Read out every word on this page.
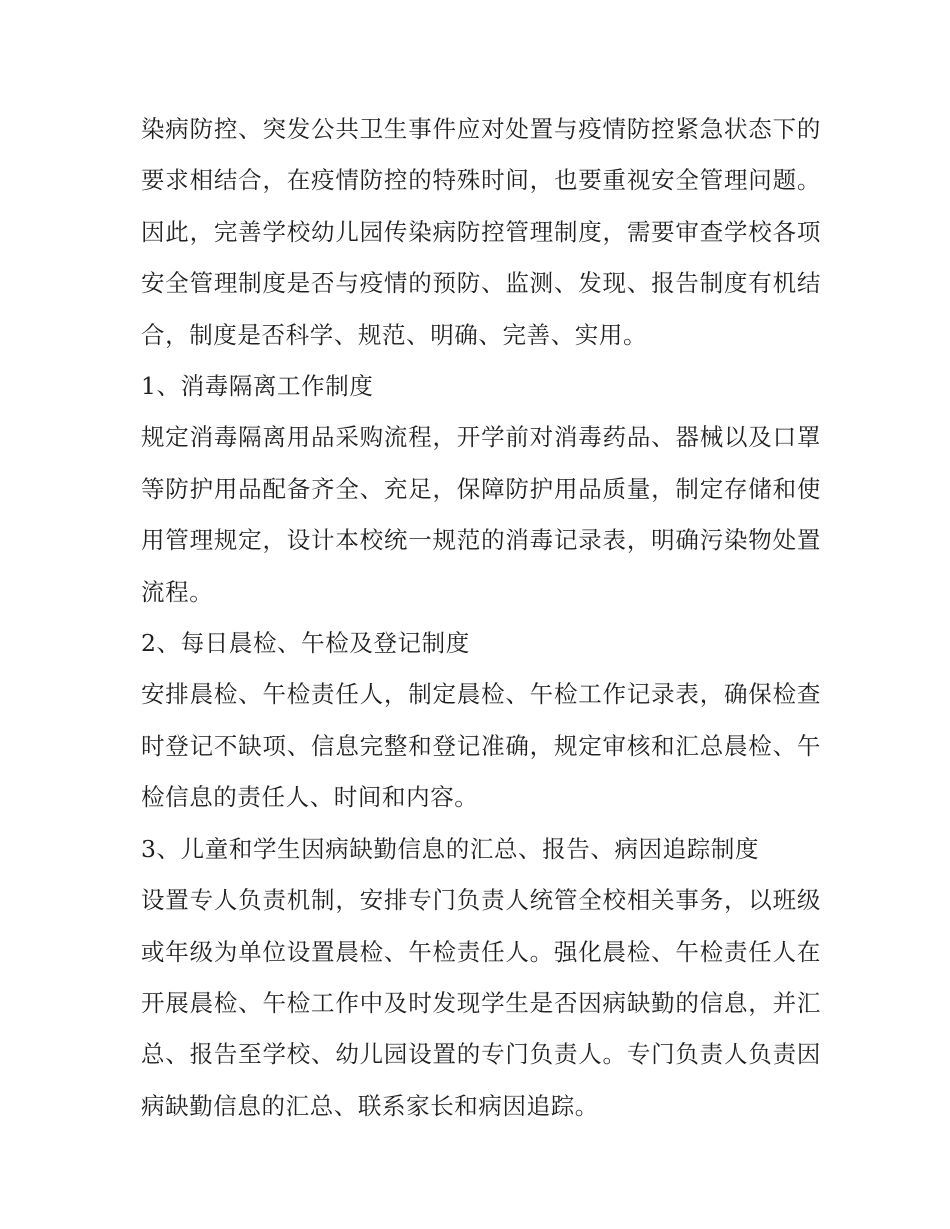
染病防控、突发公共卫生事件应对处置与疫情防控紧急状态下的要求相结合，在疫情防控的特殊时间，也要重视安全管理问题。因此，完善学校幼儿园传染病防控管理制度，需要审查学校各项安全管理制度是否与疫情的预防、监测、发现、报告制度有机结合，制度是否科学、规范、明确、完善、实用。

1、消毒隔离工作制度

规定消毒隔离用品采购流程，开学前对消毒药品、器械以及口罩等防护用品配备齐全、充足，保障防护用品质量，制定存储和使用管理规定，设计本校统一规范的消毒记录表，明确污染物处置流程。

2、每日晨检、午检及登记制度

安排晨检、午检责任人，制定晨检、午检工作记录表，确保检查时登记不缺项、信息完整和登记准确，规定审核和汇总晨检、午检信息的责任人、时间和内容。

3、儿童和学生因病缺勤信息的汇总、报告、病因追踪制度

设置专人负责机制，安排专门负责人统管全校相关事务，以班级或年级为单位设置晨检、午检责任人。强化晨检、午检责任人在开展晨检、午检工作中及时发现学生是否因病缺勤的信息，并汇总、报告至学校、幼儿园设置的专门负责人。专门负责人负责因病缺勤信息的汇总、联系家长和病因追踪。
